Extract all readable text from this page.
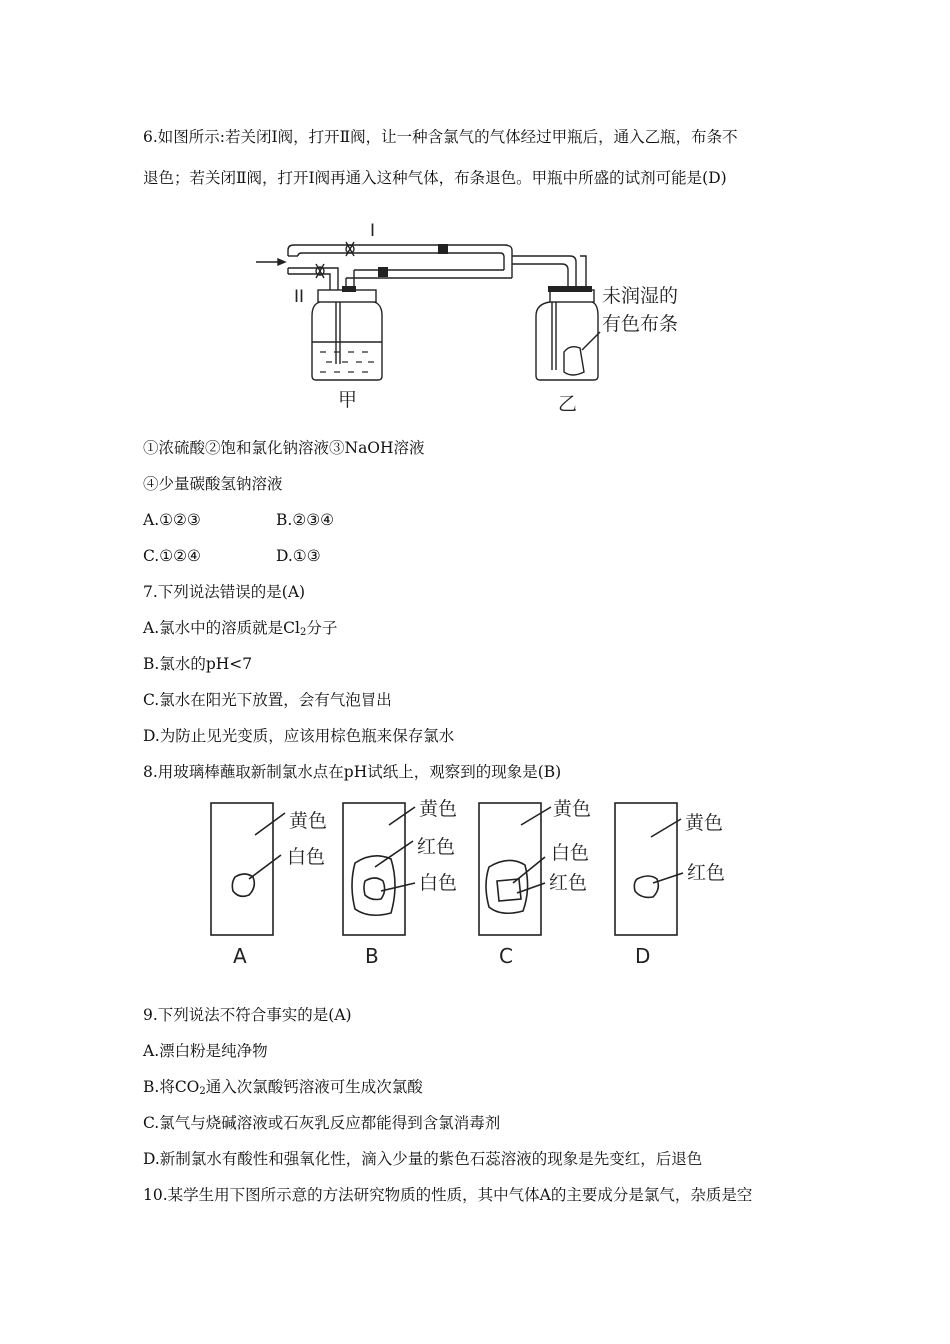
6.如图所示:若关闭Ⅰ阀，打开Ⅱ阀，让一种含氯气的气体经过甲瓶后，通入乙瓶，布条不
退色；若关闭Ⅱ阀，打开Ⅰ阀再通入这种气体，布条退色。甲瓶中所盛的试剂可能是(D)
I
II
甲	乙
未润湿的
有色布条
①浓硫酸②饱和氯化钠溶液③NaOH溶液
④少量碳酸氢钠溶液
A.①②③	B.②③④
C.①②④	D.①③
7.下列说法错误的是(A)
A.氯水中的溶质就是$Cl_2$分子
B.氯水的pH<7
C.氯水在阳光下放置，会有气泡冒出
D.为防止见光变质，应该用棕色瓶来保存氯水
8.用玻璃棒蘸取新制氯水点在pH试纸上，观察到的现象是(B)
黄色
白色
黄色
红色
白色
黄色
白色
红色
黄色
红色
A	B	C	D
9.下列说法不符合事实的是(A)
A.漂白粉是纯净物
B.将$CO_2$通入次氯酸钙溶液可生成次氯酸
C.氯气与烧碱溶液或石灰乳反应都能得到含氯消毒剂
D.新制氯水有酸性和强氧化性，滴入少量的紫色石蕊溶液的现象是先变红，后退色
10.某学生用下图所示意的方法研究物质的性质，其中气体A的主要成分是氯气，杂质是空
